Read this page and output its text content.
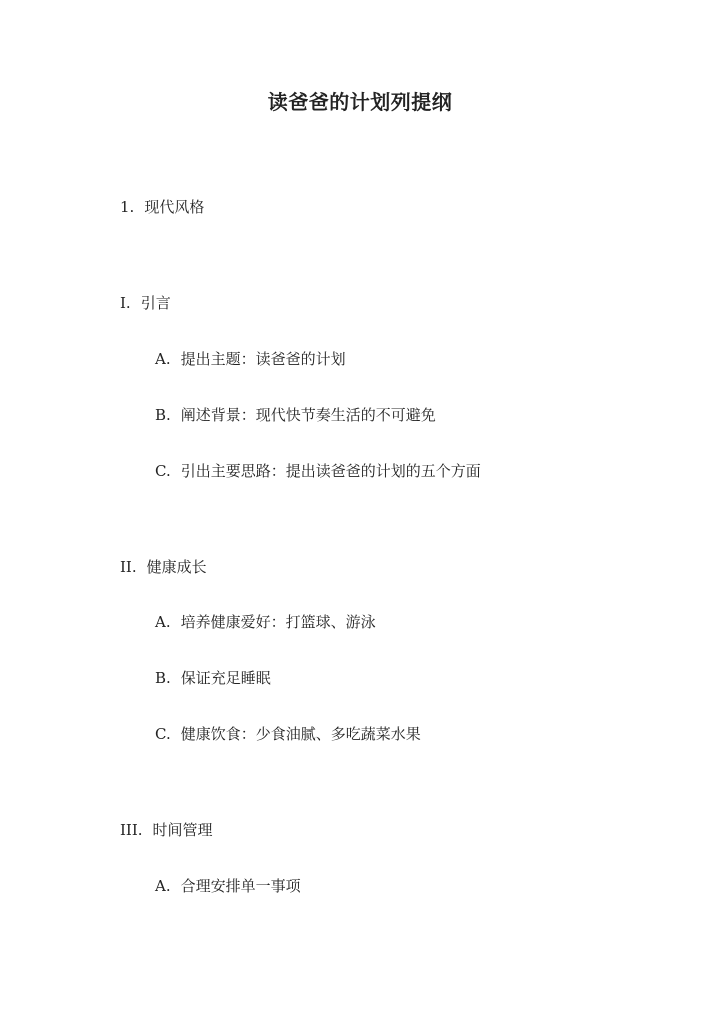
读爸爸的计划列提纲
1. 现代风格
I. 引言
A. 提出主题：读爸爸的计划
B. 阐述背景：现代快节奏生活的不可避免
C. 引出主要思路：提出读爸爸的计划的五个方面
II. 健康成长
A. 培养健康爱好：打篮球、游泳
B. 保证充足睡眠
C. 健康饮食：少食油腻、多吃蔬菜水果
III. 时间管理
A. 合理安排单一事项
